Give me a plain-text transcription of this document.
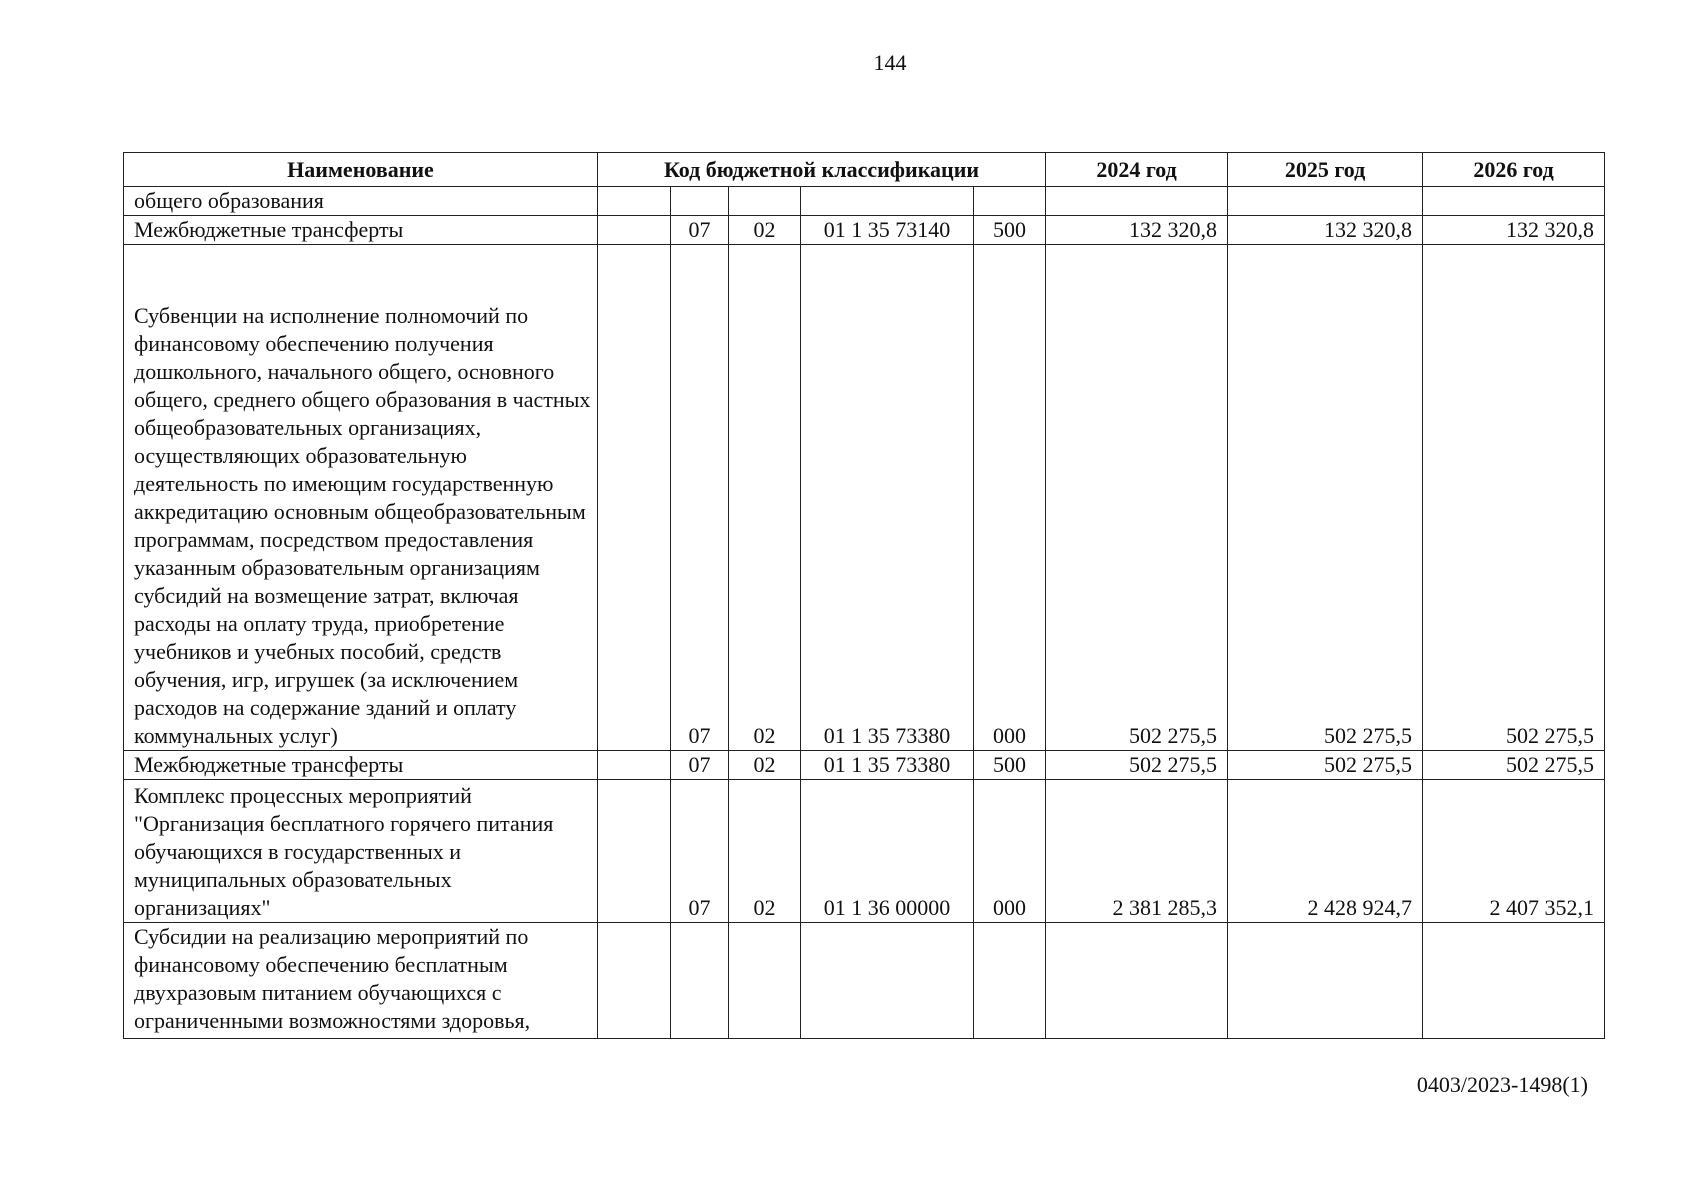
144
Наименование	Код бюджетной классификации					2024 год	2025 год	2026 год
общего образования								
Межбюджетные трансферты		07	02	01 1 35 73140	500	132 320,8	132 320,8	132 320,8
Субвенции на исполнение полномочий по финансовому обеспечению получения дошкольного, начального общего, основного общего, среднего общего образования в частных общеобразовательных организациях, осуществляющих образовательную деятельность по имеющим государственную аккредитацию основным общеобразовательным программам, посредством предоставления указанным образовательным организациям субсидий на возмещение затрат, включая расходы на оплату труда, приобретение учебников и учебных пособий, средств обучения, игр, игрушек (за исключением расходов на содержание зданий и оплату коммунальных услуг)		07	02	01 1 35 73380	000	502 275,5	502 275,5	502 275,5
Межбюджетные трансферты		07	02	01 1 35 73380	500	502 275,5	502 275,5	502 275,5
Комплекс процессных мероприятий "Организация бесплатного горячего питания обучающихся в государственных и муниципальных образовательных организациях"		07	02	01 1 36 00000	000	2 381 285,3	2 428 924,7	2 407 352,1
Субсидии на реализацию мероприятий по финансовому обеспечению бесплатным двухразовым питанием обучающихся с ограниченными возможностями здоровья,								
0403/2023-1498(1)
